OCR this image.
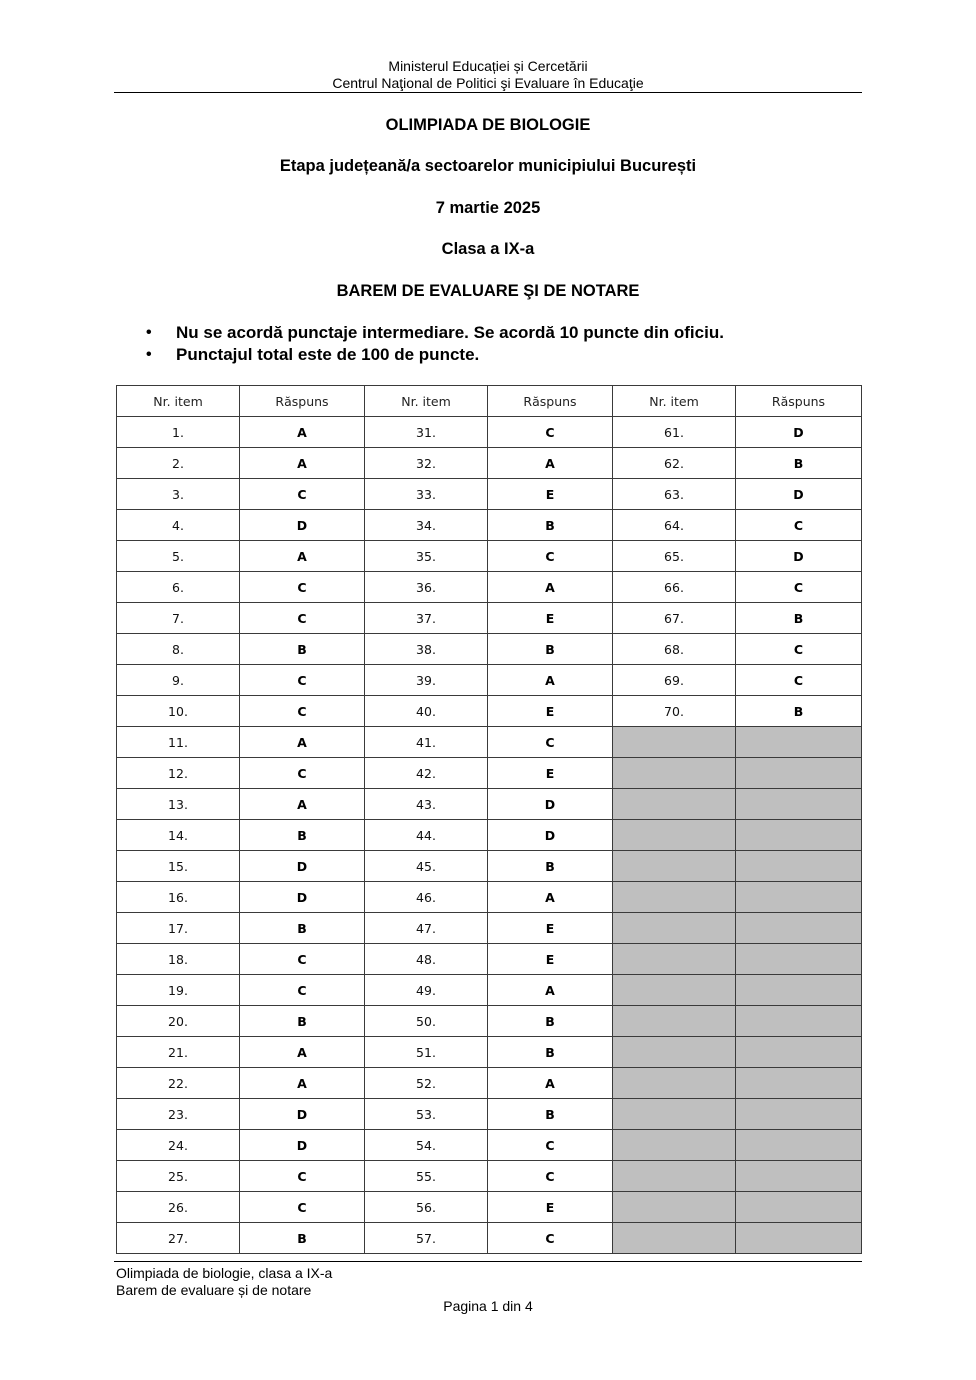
Ministerul Educației și Cercetării
Centrul Naţional de Politici şi Evaluare în Educaţie
OLIMPIADA DE BIOLOGIE
Etapa județeană/a sectoarelor municipiului București
7 martie 2025
Clasa a IX-a
BAREM DE EVALUARE ŞI DE NOTARE
• Nu se acordă punctaje intermediare. Se acordă 10 puncte din oficiu.
• Punctajul total este de 100 de puncte.
Nr. item	Răspuns	Nr. item	Răspuns	Nr. item	Răspuns
1.	A	31.	C	61.	D
2.	A	32.	A	62.	B
3.	C	33.	E	63.	D
4.	D	34.	B	64.	C
5.	A	35.	C	65.	D
6.	C	36.	A	66.	C
7.	C	37.	E	67.	B
8.	B	38.	B	68.	C
9.	C	39.	A	69.	C
10.	C	40.	E	70.	B
11.	A	41.	C		
12.	C	42.	E		
13.	A	43.	D		
14.	B	44.	D		
15.	D	45.	B		
16.	D	46.	A		
17.	B	47.	E		
18.	C	48.	E		
19.	C	49.	A		
20.	B	50.	B		
21.	A	51.	B		
22.	A	52.	A		
23.	D	53.	B		
24.	D	54.	C		
25.	C	55.	C		
26.	C	56.	E		
27.	B	57.	C		
Olimpiada de biologie, clasa a IX-a
Barem de evaluare și de notare
Pagina 1 din 4
